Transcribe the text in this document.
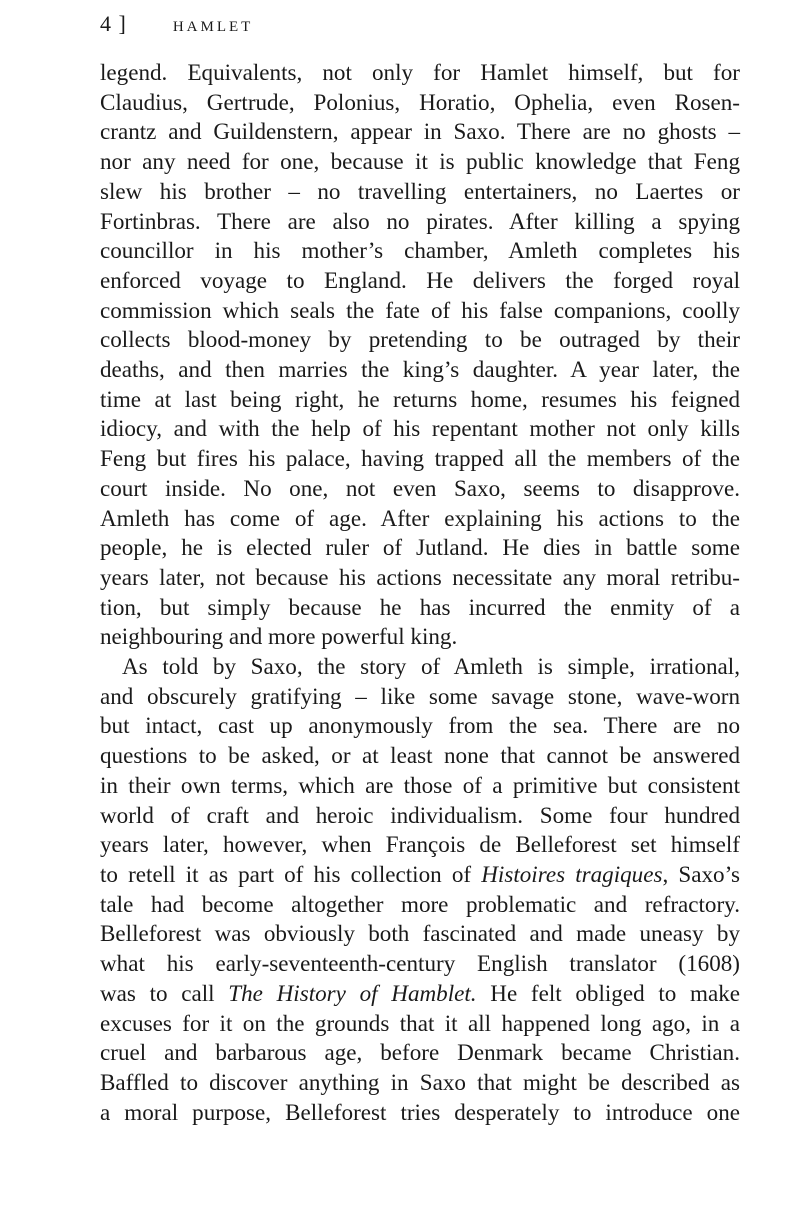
4 ]	HAMLET
legend. Equivalents, not only for Hamlet himself, but for
Claudius, Gertrude, Polonius, Horatio, Ophelia, even Rosen-
crantz and Guildenstern, appear in Saxo. There are no ghosts –
nor any need for one, because it is public knowledge that Feng
slew his brother – no travelling entertainers, no Laertes or
Fortinbras. There are also no pirates. After killing a spying
councillor in his mother’s chamber, Amleth completes his
enforced voyage to England. He delivers the forged royal
commission which seals the fate of his false companions, coolly
collects blood-money by pretending to be outraged by their
deaths, and then marries the king’s daughter. A year later, the
time at last being right, he returns home, resumes his feigned
idiocy, and with the help of his repentant mother not only kills
Feng but fires his palace, having trapped all the members of the
court inside. No one, not even Saxo, seems to disapprove.
Amleth has come of age. After explaining his actions to the
people, he is elected ruler of Jutland. He dies in battle some
years later, not because his actions necessitate any moral retribu-
tion, but simply because he has incurred the enmity of a
neighbouring and more powerful king.
As told by Saxo, the story of Amleth is simple, irrational,
and obscurely gratifying – like some savage stone, wave-worn
but intact, cast up anonymously from the sea. There are no
questions to be asked, or at least none that cannot be answered
in their own terms, which are those of a primitive but consistent
world of craft and heroic individualism. Some four hundred
years later, however, when François de Belleforest set himself
to retell it as part of his collection of Histoires tragiques, Saxo’s
tale had become altogether more problematic and refractory.
Belleforest was obviously both fascinated and made uneasy by
what his early-seventeenth-century English translator (1608)
was to call The History of Hamblet. He felt obliged to make
excuses for it on the grounds that it all happened long ago, in a
cruel and barbarous age, before Denmark became Christian.
Baffled to discover anything in Saxo that might be described as
a moral purpose, Belleforest tries desperately to introduce one
